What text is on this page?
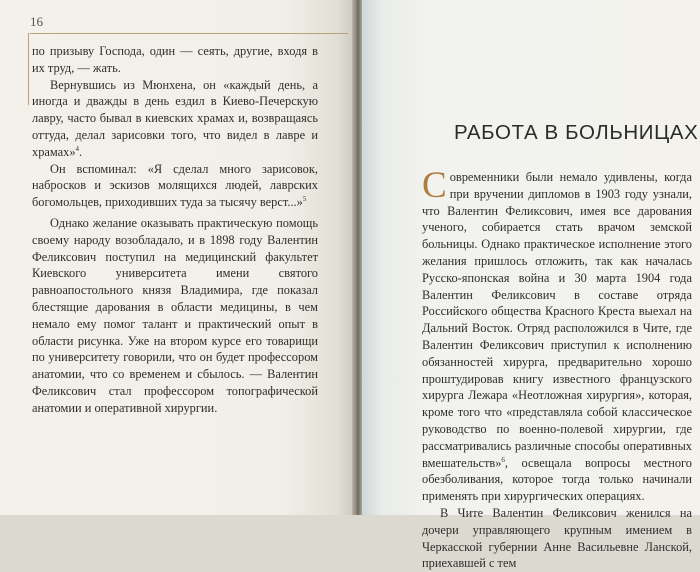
16

по призыву Господа, один — сеять, другие, входя в их труд, — жать.

Вернувшись из Мюнхена, он «каждый день, а иногда и дважды в день ездил в Киево-Печерскую лавру, часто бывал в киевских храмах и, возвращаясь оттуда, делал зарисовки того, что видел в лавре и храмах»$^4$.

Он вспоминал: «Я сделал много зарисовок, набросков и эскизов молящихся людей, лаврских богомольцев, приходивших туда за тысячу верст...»$^5$

Однако желание оказывать практическую помощь своему народу возобладало, и в 1898 году Валентин Феликсович поступил на медицинский факультет Киевского университета имени святого равноапостольного князя Владимира, где показал блестящие дарования в области медицины, в чем немало ему помог талант и практический опыт в области рисунка. Уже на втором курсе его товарищи по университету говорили, что он будет профессором анатомии, что со временем и сбылось. — Валентин Феликсович стал профессором топографической анатомии и оперативной хирургии.

РАБОТА В БОЛЬНИЦАХ

Современники были немало удивлены, когда при вручении дипломов в 1903 году узнали, что Валентин Феликсович, имея все дарования ученого, собирается стать врачом земской больницы. Однако практическое исполнение этого желания пришлось отложить, так как началась Русско-японская война и 30 марта 1904 года Валентин Феликсович в составе отряда Российского общества Красного Креста выехал на Дальний Восток. Отряд расположился в Чите, где Валентин Феликсович приступил к исполнению обязанностей хирурга, предварительно хорошо проштудировав книгу известного французского хирурга Лежара «Неотложная хирургия», которая, кроме того что «представляла собой классическое руководство по военно-полевой хирургии, где рассматривались различные способы оперативных вмешательств»$^6$, освещала вопросы местного обезболивания, которое тогда только начинали применять при хирургических операциях.

В Чите Валентин Феликсович женился на дочери управляющего крупным имением в Черкасской губернии Анне Васильевне Ланской, приехавшей с тем
